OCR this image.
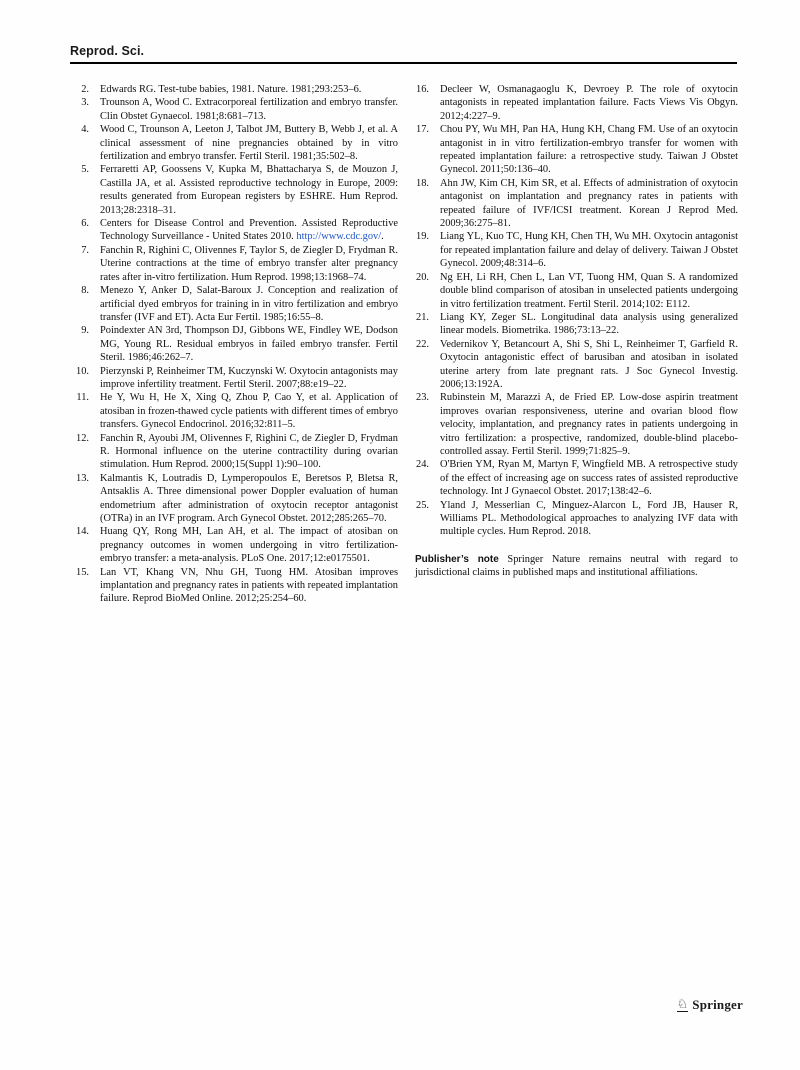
Reprod. Sci.
2. Edwards RG. Test-tube babies, 1981. Nature. 1981;293:253–6.
3. Trounson A, Wood C. Extracorporeal fertilization and embryo transfer. Clin Obstet Gynaecol. 1981;8:681–713.
4. Wood C, Trounson A, Leeton J, Talbot JM, Buttery B, Webb J, et al. A clinical assessment of nine pregnancies obtained by in vitro fertilization and embryo transfer. Fertil Steril. 1981;35:502–8.
5. Ferraretti AP, Goossens V, Kupka M, Bhattacharya S, de Mouzon J, Castilla JA, et al. Assisted reproductive technology in Europe, 2009: results generated from European registers by ESHRE. Hum Reprod. 2013;28:2318–31.
6. Centers for Disease Control and Prevention. Assisted Reproductive Technology Surveillance - United States 2010. http://www.cdc.gov/.
7. Fanchin R, Righini C, Olivennes F, Taylor S, de Ziegler D, Frydman R. Uterine contractions at the time of embryo transfer alter pregnancy rates after in-vitro fertilization. Hum Reprod. 1998;13:1968–74.
8. Menezo Y, Anker D, Salat-Baroux J. Conception and realization of artificial dyed embryos for training in in vitro fertilization and embryo transfer (IVF and ET). Acta Eur Fertil. 1985;16:55–8.
9. Poindexter AN 3rd, Thompson DJ, Gibbons WE, Findley WE, Dodson MG, Young RL. Residual embryos in failed embryo transfer. Fertil Steril. 1986;46:262–7.
10. Pierzynski P, Reinheimer TM, Kuczynski W. Oxytocin antagonists may improve infertility treatment. Fertil Steril. 2007;88:e19–22.
11. He Y, Wu H, He X, Xing Q, Zhou P, Cao Y, et al. Application of atosiban in frozen-thawed cycle patients with different times of embryo transfers. Gynecol Endocrinol. 2016;32:811–5.
12. Fanchin R, Ayoubi JM, Olivennes F, Righini C, de Ziegler D, Frydman R. Hormonal influence on the uterine contractility during ovarian stimulation. Hum Reprod. 2000;15(Suppl 1):90–100.
13. Kalmantis K, Loutradis D, Lymperopoulos E, Beretsos P, Bletsa R, Antsaklis A. Three dimensional power Doppler evaluation of human endometrium after administration of oxytocin receptor antagonist (OTRa) in an IVF program. Arch Gynecol Obstet. 2012;285:265–70.
14. Huang QY, Rong MH, Lan AH, et al. The impact of atosiban on pregnancy outcomes in women undergoing in vitro fertilization-embryo transfer: a meta-analysis. PLoS One. 2017;12:e0175501.
15. Lan VT, Khang VN, Nhu GH, Tuong HM. Atosiban improves implantation and pregnancy rates in patients with repeated implantation failure. Reprod BioMed Online. 2012;25:254–60.
16. Decleer W, Osmanagaoglu K, Devroey P. The role of oxytocin antagonists in repeated implantation failure. Facts Views Vis Obgyn. 2012;4:227–9.
17. Chou PY, Wu MH, Pan HA, Hung KH, Chang FM. Use of an oxytocin antagonist in in vitro fertilization-embryo transfer for women with repeated implantation failure: a retrospective study. Taiwan J Obstet Gynecol. 2011;50:136–40.
18. Ahn JW, Kim CH, Kim SR, et al. Effects of administration of oxytocin antagonist on implantation and pregnancy rates in patients with repeated failure of IVF/ICSI treatment. Korean J Reprod Med. 2009;36:275–81.
19. Liang YL, Kuo TC, Hung KH, Chen TH, Wu MH. Oxytocin antagonist for repeated implantation failure and delay of delivery. Taiwan J Obstet Gynecol. 2009;48:314–6.
20. Ng EH, Li RH, Chen L, Lan VT, Tuong HM, Quan S. A randomized double blind comparison of atosiban in unselected patients undergoing in vitro fertilization treatment. Fertil Steril. 2014;102: E112.
21. Liang KY, Zeger SL. Longitudinal data analysis using generalized linear models. Biometrika. 1986;73:13–22.
22. Vedernikov Y, Betancourt A, Shi S, Shi L, Reinheimer T, Garfield R. Oxytocin antagonistic effect of barusiban and atosiban in isolated uterine artery from late pregnant rats. J Soc Gynecol Investig. 2006;13:192A.
23. Rubinstein M, Marazzi A, de Fried EP. Low-dose aspirin treatment improves ovarian responsiveness, uterine and ovarian blood flow velocity, implantation, and pregnancy rates in patients undergoing in vitro fertilization: a prospective, randomized, double-blind placebo-controlled assay. Fertil Steril. 1999;71:825–9.
24. O'Brien YM, Ryan M, Martyn F, Wingfield MB. A retrospective study of the effect of increasing age on success rates of assisted reproductive technology. Int J Gynaecol Obstet. 2017;138:42–6.
25. Yland J, Messerlian C, Minguez-Alarcon L, Ford JB, Hauser R, Williams PL. Methodological approaches to analyzing IVF data with multiple cycles. Hum Reprod. 2018.

Publisher’s note Springer Nature remains neutral with regard to jurisdictional claims in published maps and institutional affiliations.

♘ Springer
